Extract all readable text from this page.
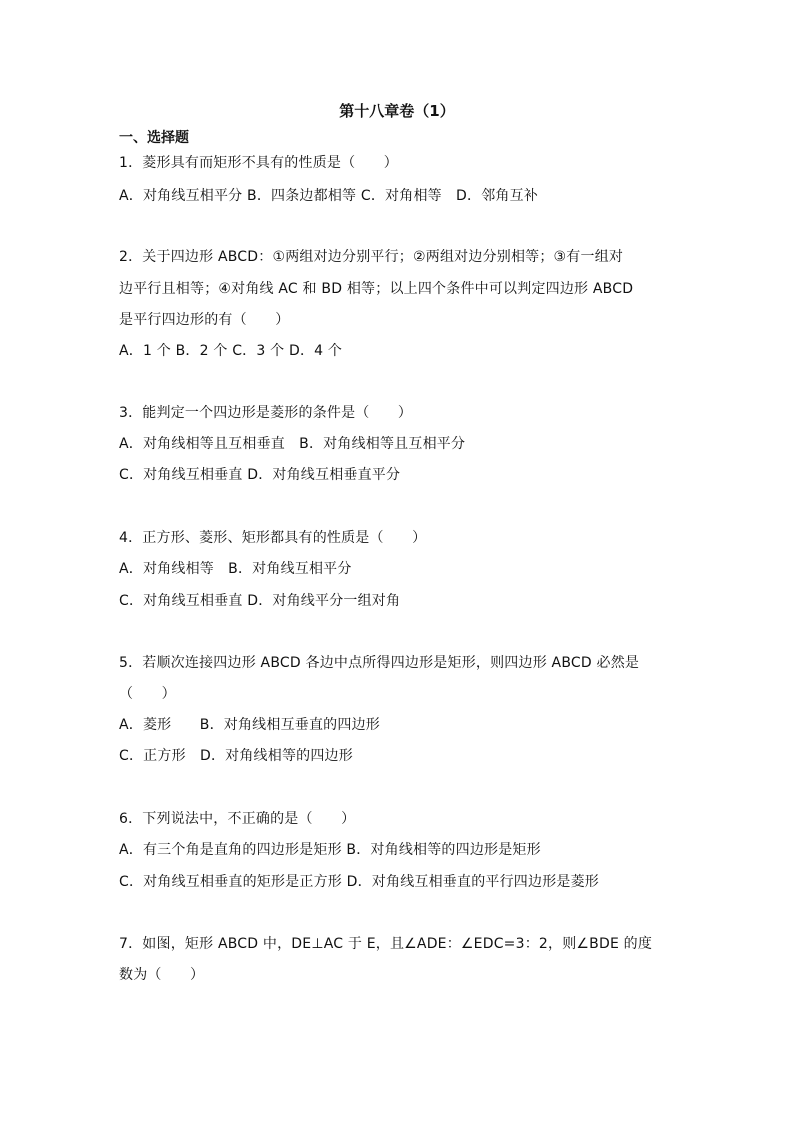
第十八章卷（1）
一、选择题
1．菱形具有而矩形不具有的性质是（　　）
A．对角线互相平分 B．四条边都相等 C．对角相等　D．邻角互补
2．关于四边形 ABCD：①两组对边分别平行；②两组对边分别相等；③有一组对
边平行且相等；④对角线 AC 和 BD 相等；以上四个条件中可以判定四边形 ABCD
是平行四边形的有（　　）
A．1 个 B．2 个 C．3 个 D．4 个
3．能判定一个四边形是菱形的条件是（　　）
A．对角线相等且互相垂直　B．对角线相等且互相平分
C．对角线互相垂直 D．对角线互相垂直平分
4．正方形、菱形、矩形都具有的性质是（　　）
A．对角线相等　B．对角线互相平分
C．对角线互相垂直 D．对角线平分一组对角
5．若顺次连接四边形 ABCD 各边中点所得四边形是矩形，则四边形 ABCD 必然是
（　　）
A．菱形　　B．对角线相互垂直的四边形
C．正方形　D．对角线相等的四边形
6．下列说法中，不正确的是（　　）
A．有三个角是直角的四边形是矩形 B．对角线相等的四边形是矩形
C．对角线互相垂直的矩形是正方形 D．对角线互相垂直的平行四边形是菱形
7．如图，矩形 ABCD 中，DE⊥AC 于 E，且∠ADE：∠EDC=3：2，则∠BDE 的度
数为（　　）
